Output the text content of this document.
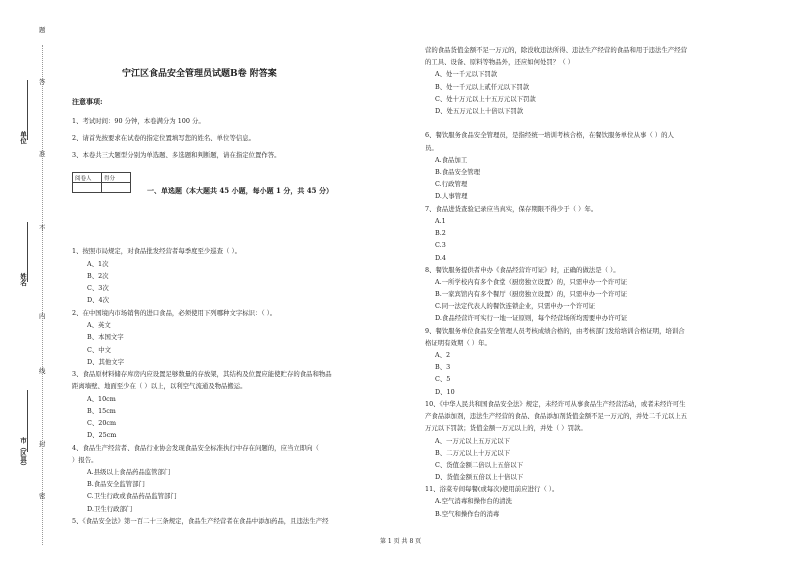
题
答
准
不
内
线
封
密
单位
姓名
市（区县）
宁江区食品安全管理员试题B卷 附答案
注意事项:
1、考试时间：90 分钟，本卷满分为 100 分。
2、请首先按要求在试卷的指定位置填写您的姓名、单位等信息。
3、本卷共三大题型分别为单选题、多选题和判断题，请在指定位置作答。
阅卷人	得分

一、单选题（本大题共 45 小题，每小题 1 分，共 45 分）
1、按照市局规定，对食品批发经营者每季度至少巡查（ ）。
A、1次
B、2次
C、3次
D、4次
2、在中国境内市场销售的进口食品，必须使用下列哪种文字标识：（ ）。
A、英文
B、本国文字
C、中文
D、其他文字
3、食品原材料储存库房内应设置足够数量的存放架，其结构及位置应能使贮存的食品和物品
距离墙壁、地面至少在（ ）以上，以利空气流通及物品搬运。
A、10cm
B、15cm
C、20cm
D、25cm
4、食品生产经营者、食品行业协会发现食品安全标准执行中存在问题的，应当立即向（
）报告。
A.县级以上食品药品监管部门
B.食品安全监管部门
C.卫生行政或食品药品监管部门
D.卫生行政部门
5、《食品安全法》第一百二十三条规定，食品生产经营者在食品中添加药品，且违法生产经
营的食品货值金额不足一万元的，除没收违法所得、违法生产经营的食品和用于违法生产经营
的工具、设备、原料等物品外，还应如何处罚？（ ）
A、处一千元以下罚款
B、处一千元以上贰仟元以下罚款
C、处十万元以上十五万元以下罚款
D、处五万元以上十倍以下罚款
6、餐饮服务食品安全管理员，是指经统一培训考核合格，在餐饮服务单位从事（ ）的人
员。
A.食品加工
B.食品安全管理
C.行政管理
D.人事管理
7、食品进货查验记录应当真实，保存期限不得少于（ ）年。
A.1
B.2
C.3
D.4
8、餐饮服务提供者申办《食品经营许可证》时，正确的做法是（ ）。
A.一所学校内有多个食堂（厨房独立设置）的，只需申办一个许可证
B.一家宾馆内有多个餐厅（厨房独立设置）的，只需申办一个许可证
C.同一法定代表人的餐饮连锁企业，只需申办一个许可证
D.食品经营许可实行一地一证原则，每个经营场所均需要申办许可证
9、餐饮服务单位食品安全管理人员考核成绩合格的，由考核部门发给培训合格证明，培训合
格证明有效期（ ）年。
A、2
B、3
C、5
D、10
10、《中华人民共和国食品安全法》规定，未经许可从事食品生产经营活动，或者未经许可生
产食品添加剂，违法生产经营的食品、食品添加剂货值金额不足一万元的，并处二千元以上五
万元以下罚款；货值金额一万元以上的，并处（ ）罚款。
A、一万元以上五万元以下
B、二万元以上十万元以下
C、货值金额二倍以上五倍以下
D、货值金额五倍以上十倍以下
11、浴菜专间每餐(或每次)使用前应进行（ ）。
A.空气消毒和操作台的清洗
B.空气和操作台的消毒
第 1 页 共 8 页
